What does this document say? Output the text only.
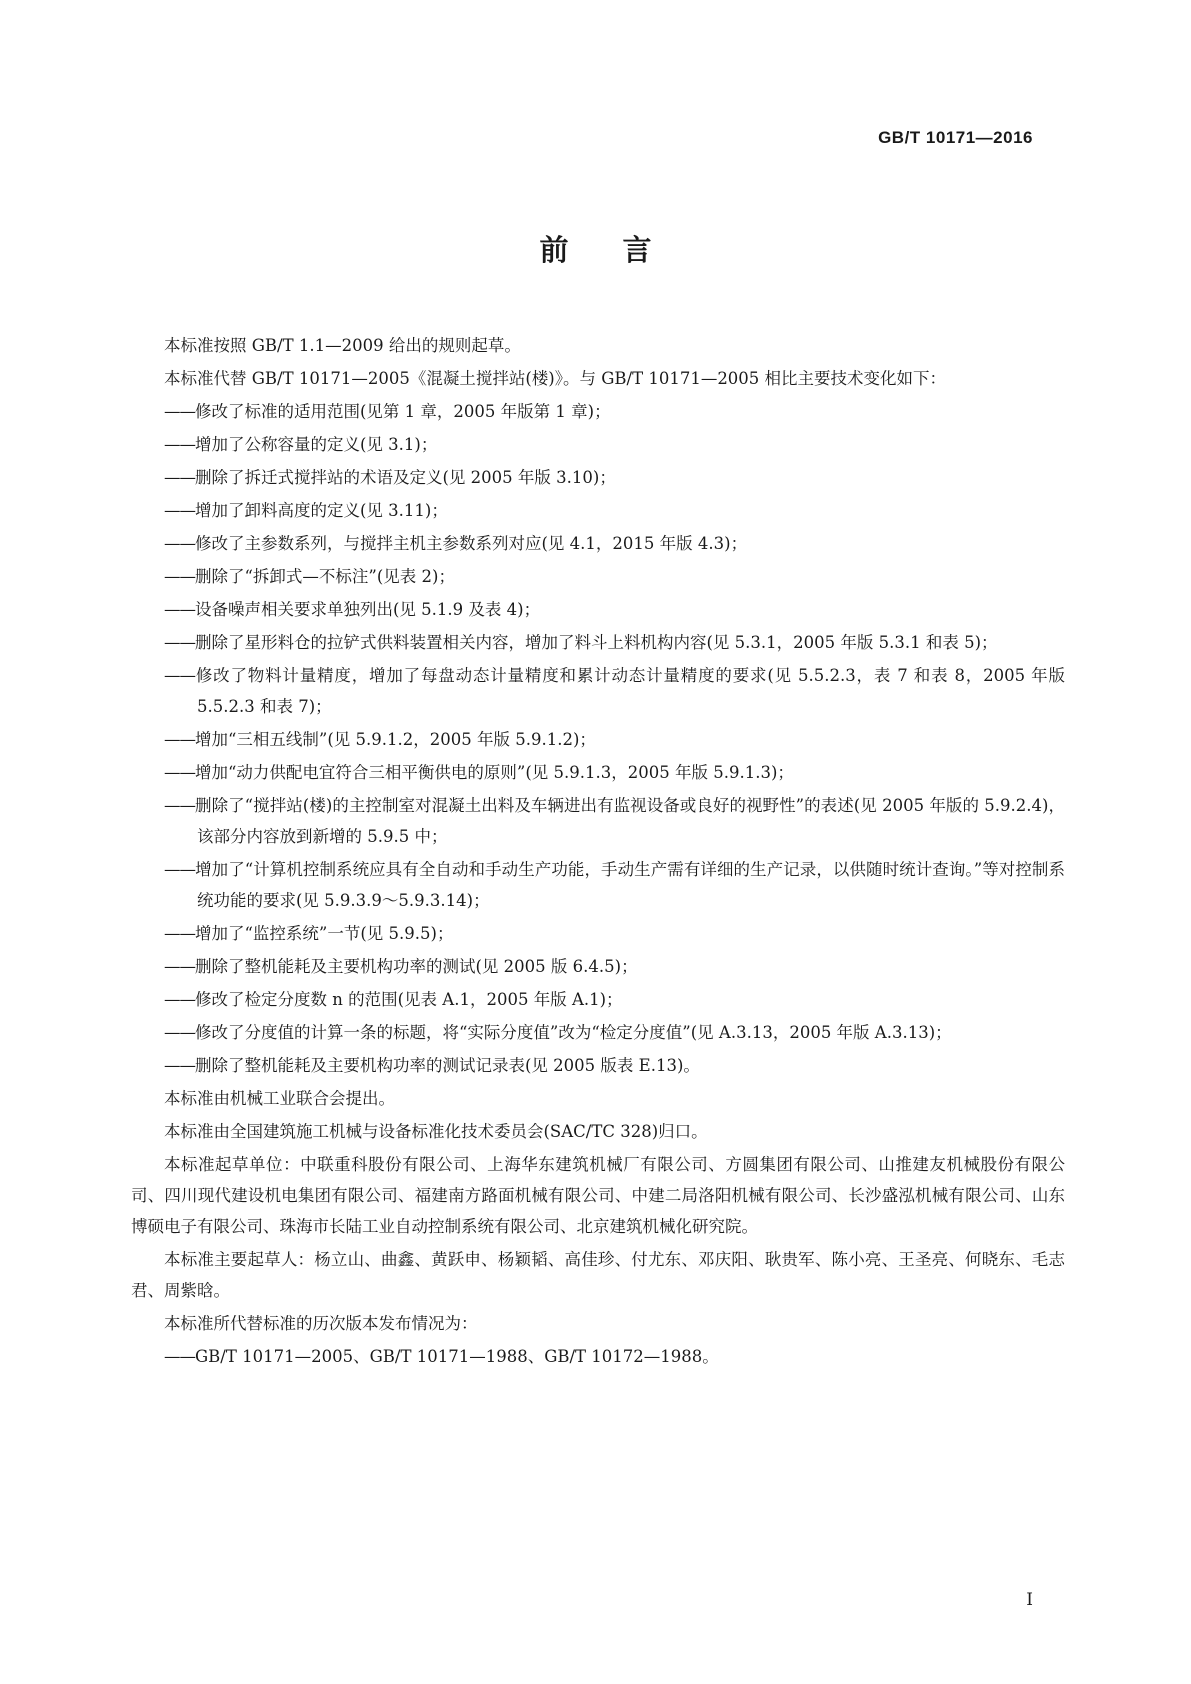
GB/T 10171—2016
前言

本标准按照 GB/T 1.1—2009 给出的规则起草。

本标准代替 GB/T 10171—2005《混凝土搅拌站(楼)》。与 GB/T 10171—2005 相比主要技术变化如下：

——修改了标准的适用范围(见第 1 章，2005 年版第 1 章)；

——增加了公称容量的定义(见 3.1)；

——删除了拆迁式搅拌站的术语及定义(见 2005 年版 3.10)；

——增加了卸料高度的定义(见 3.11)；

——修改了主参数系列，与搅拌主机主参数系列对应(见 4.1，2015 年版 4.3)；

——删除了“拆卸式—不标注”(见表 2)；

——设备噪声相关要求单独列出(见 5.1.9 及表 4)；

——删除了星形料仓的拉铲式供料装置相关内容，增加了料斗上料机构内容(见 5.3.1，2005 年版 5.3.1 和表 5)；

——修改了物料计量精度，增加了每盘动态计量精度和累计动态计量精度的要求(见 5.5.2.3，表 7 和表 8，2005 年版 5.5.2.3 和表 7)；

——增加“三相五线制”(见 5.9.1.2，2005 年版 5.9.1.2)；

——增加“动力供配电宜符合三相平衡供电的原则”(见 5.9.1.3，2005 年版 5.9.1.3)；

——删除了“搅拌站(楼)的主控制室对混凝土出料及车辆进出有监视设备或良好的视野性”的表述(见 2005 年版的 5.9.2.4)，该部分内容放到新增的 5.9.5 中；

——增加了“计算机控制系统应具有全自动和手动生产功能，手动生产需有详细的生产记录，以供随时统计查询。”等对控制系统功能的要求(见 5.9.3.9～5.9.3.14)；

——增加了“监控系统”一节(见 5.9.5)；

——删除了整机能耗及主要机构功率的测试(见 2005 版 6.4.5)；

——修改了检定分度数 n 的范围(见表 A.1，2005 年版 A.1)；

——修改了分度值的计算一条的标题，将“实际分度值”改为“检定分度值”(见 A.3.13，2005 年版 A.3.13)；

——删除了整机能耗及主要机构功率的测试记录表(见 2005 版表 E.13)。

本标准由机械工业联合会提出。

本标准由全国建筑施工机械与设备标准化技术委员会(SAC/TC 328)归口。

本标准起草单位：中联重科股份有限公司、上海华东建筑机械厂有限公司、方圆集团有限公司、山推建友机械股份有限公司、四川现代建设机电集团有限公司、福建南方路面机械有限公司、中建二局洛阳机械有限公司、长沙盛泓机械有限公司、山东博硕电子有限公司、珠海市长陆工业自动控制系统有限公司、北京建筑机械化研究院。

本标准主要起草人：杨立山、曲鑫、黄跃申、杨颖韬、高佳珍、付尤东、邓庆阳、耿贵军、陈小亮、王圣亮、何晓东、毛志君、周紫晗。

本标准所代替标准的历次版本发布情况为：

——GB/T 10171—2005、GB/T 10171—1988、GB/T 10172—1988。

I
